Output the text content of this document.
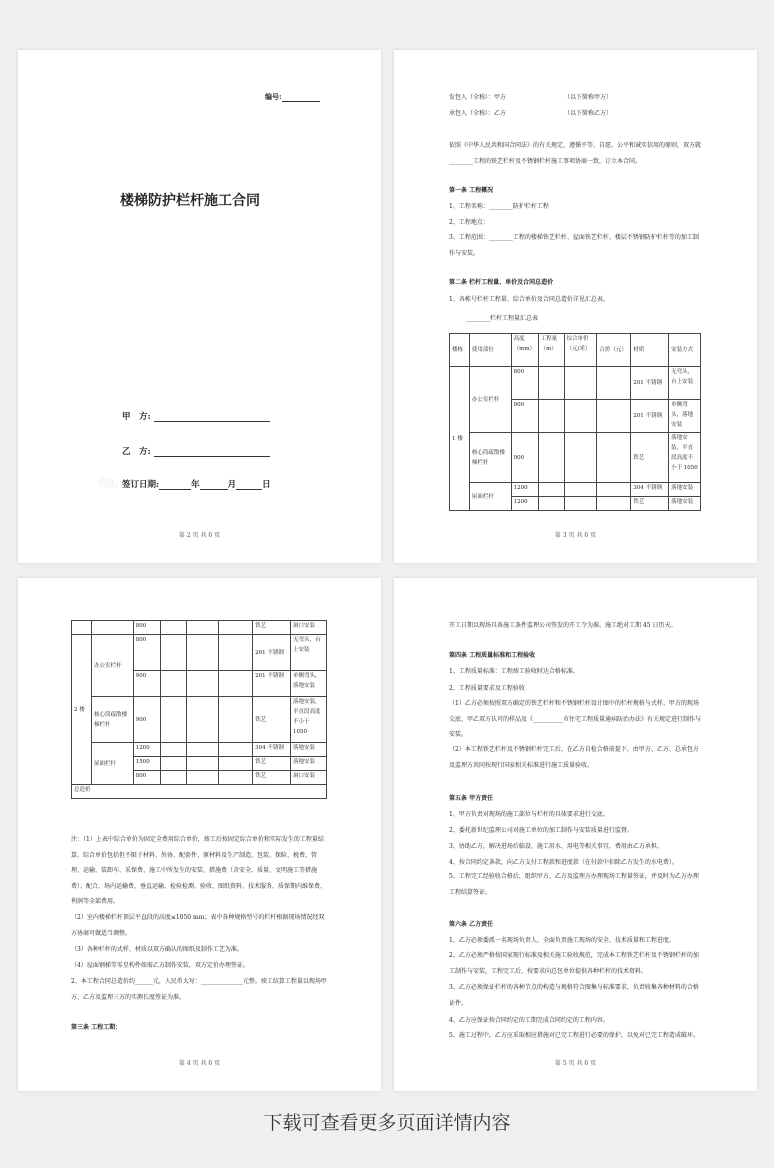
✎
编号:
楼梯防护栏杆施工合同
甲　方:
乙　方:
签订日期:	年	月	日
第 2 页 共 6 页
发包人（全称）：甲方	（以下简称甲方）
承包人（全称）：乙方	（以下简称乙方）
依照《中华人民共和国合同法》的有关规定，遵循平等、自愿、公平和诚实信用的原则，双方就________工程的铁艺栏杆及不锈钢栏杆施工事项协商一致，订立本合同。
第一条 工程概况
1、工程名称：________防护栏杆工程
2、工程地点：
3、工程范围：________工程的楼梯铁艺栏杆、屋面铁艺栏杆、楼层不锈钢防护栏杆等的加工制作与安装。
第二条 栏杆工程量、单价及合同总造价
1、各栋号栏杆工程量、综合单价及合同总造价详见汇总表。
________栏杆工程量汇总表
楼栋	使用部位	高度（mm）	工程量（m）	综合单价（元/米）	合价（元）	材质	安装方式
1 楼	办公室栏杆	800				201 不锈钢	无弯头，台上安装
		900				201 不锈钢	单侧弯头，落地安装
	核心筒疏散楼梯栏杆	900				铁艺	落地安装，平直段高度不小于 1050
	屋面栏杆	1200				304 不锈钢	落地安装
		1200				铁艺	落地安装
第 3 页 共 6 页
		800				铁艺	洞口安装
2 楼	办公室栏杆	800				201 不锈钢	无弯头，台上安装
		900				201 不锈钢	单侧弯头，落地安装
	核心筒疏散楼梯栏杆	900				铁艺	落地安装，平直段高度不小于 1050
	屋面栏杆	1200				304 不锈钢	落地安装
		1500				铁艺	落地安装
		800				铁艺	洞口安装
总造价							
注：（1）上表中综合单价为固定全费用综合单价，竣工后按固定综合单价和实际发生的工程量结算。综合单价包括但不限于材料、外协、配套件、原材料及生产制造、包装、保险、税费、管理、运输、装卸车、采保费、施工中所发生的安装、措施费（含安全、质量、文明施工等措施费）、配合、场内运输费、垂直运输、检验检测、验收、图纸资料、技术服务、质保期内维保费、利润等全部费用。
（2）室内楼梯栏杆顶层平直段的高度≤1050 mm；表中各种规格型号的栏杆根据现场情况经双方协商可做适当调整。
（3）各种栏杆的式样、材质以双方确认的图纸及制作工艺为准。
（4）屋面钢梯等零星构件如需乙方制作安装，双方定价办理签证。
2、本工程合同总造价约______元，人民币大写：______________元整。竣工结算工程量以现场甲方、乙方及监理三方的实测长度签证为准。
第三条 工程工期：
第 4 页 共 6 页
开工日期以现场具备施工条件监理公司签发的开工令为准。施工绝对工期 45 日历天。
第四条 工程质量标准和工程验收
1、工程质量标准：工程竣工验收时达合格标准。
2、工程质量要求及工程验收
（1）乙方必须按照双方确定的铁艺栏杆和不锈钢栏杆设计图中的栏杆规格与式样、甲方的现场交底、甲乙双方认可的样品及《__________市住宅工程质量通病防治办法》有关规定进行制作与安装。
（2）本工程铁艺栏杆及不锈钢栏杆完工后，在乙方自检合格前提下，由甲方、乙方、总承包方及监理方共同按现行国家相关标准进行施工质量验收。
第五条 甲方责任
1、甲方负责对现场的施工部位与栏杆的具体要求进行交底。
2、委托新世纪监理公司对施工单位的加工制作与安装质量进行监督。
3、协助乙方，解决进场后临设、施工用水、用电等相关事宜，费用由乙方承担。
4、按合同约定条款，向乙方支付工程款和进度款（在付款中扣除乙方发生的水电费）。
5、工程完工经验收合格后，组织甲方、乙方及监理方办理现场工程量签证，并及时为乙方办理工程结算签证。
第六条 乙方责任
1、乙方必须委派一名现场负责人，全面负责施工现场的安全、技术质量和工程进度。
2、乙方必须严格按国家现行标准及相关施工验收规范，完成本工程铁艺栏杆及不锈钢栏杆的加工制作与安装，工程完工后，按要求向总包单位提供各种栏杆的技术资料。
3、乙方必须保证栏杆的各种节点的构造与规格符合图集与标准要求，负责收集各种材料的合格证件。
4、乙方应保证按合同约定的工期完成合同约定的工程内容。
5、施工过程中，乙方应采取相应措施对已完工程进行必要的保护，以免对已完工程造成破坏。
第 5 页 共 6 页
下载可查看更多页面详情内容
